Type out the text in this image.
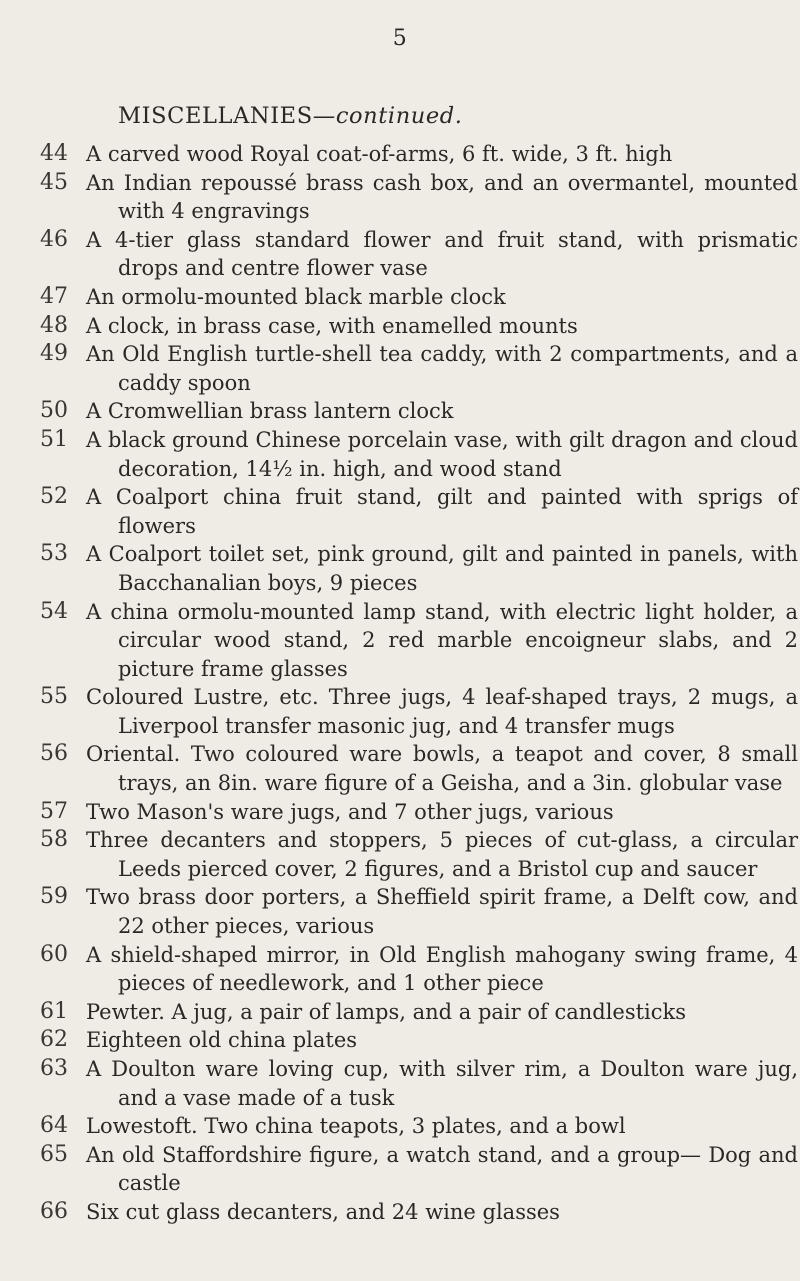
5
MISCELLANIES—continued.
44 A carved wood Royal coat-of-arms, 6 ft. wide, 3 ft. high

45 An Indian repoussé brass cash box, and an overmantel, mounted with 4 engravings

46 A 4-tier glass standard flower and fruit stand, with prismatic drops and centre flower vase

47 An ormolu-mounted black marble clock

48 A clock, in brass case, with enamelled mounts

49 An Old English turtle-shell tea caddy, with 2 compartments, and a caddy spoon

50 A Cromwellian brass lantern clock

51 A black ground Chinese porcelain vase, with gilt dragon and cloud decoration, 14½ in. high, and wood stand

52 A Coalport china fruit stand, gilt and painted with sprigs of flowers

53 A Coalport toilet set, pink ground, gilt and painted in panels, with Bacchanalian boys, 9 pieces

54 A china ormolu-mounted lamp stand, with electric light holder, a circular wood stand, 2 red marble encoigneur slabs, and 2 picture frame glasses

55 Coloured Lustre, etc. Three jugs, 4 leaf-shaped trays, 2 mugs, a Liverpool transfer masonic jug, and 4 transfer mugs

56 Oriental. Two coloured ware bowls, a teapot and cover, 8 small trays, an 8in. ware figure of a Geisha, and a 3in. globular vase

57 Two Mason's ware jugs, and 7 other jugs, various

58 Three decanters and stoppers, 5 pieces of cut-glass, a circular Leeds pierced cover, 2 figures, and a Bristol cup and saucer

59 Two brass door porters, a Sheffield spirit frame, a Delft cow, and 22 other pieces, various

60 A shield-shaped mirror, in Old English mahogany swing frame, 4 pieces of needlework, and 1 other piece

61 Pewter. A jug, a pair of lamps, and a pair of candlesticks

62 Eighteen old china plates

63 A Doulton ware loving cup, with silver rim, a Doulton ware jug, and a vase made of a tusk

64 Lowestoft. Two china teapots, 3 plates, and a bowl

65 An old Staffordshire figure, a watch stand, and a group— Dog and castle

66 Six cut glass decanters, and 24 wine glasses
